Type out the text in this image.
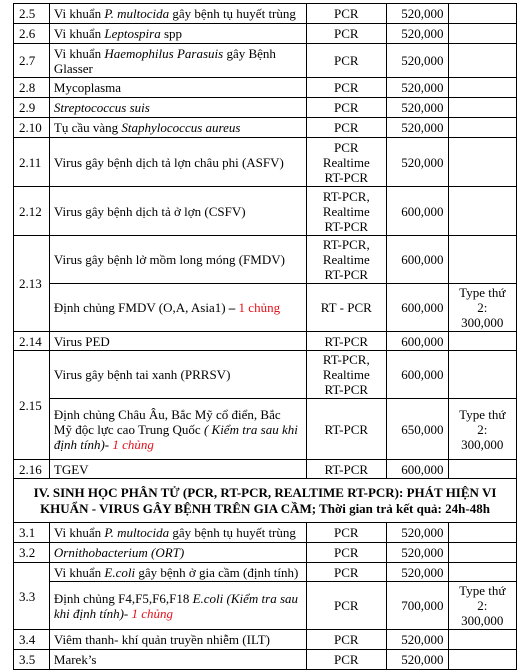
2.5	Vi khuẩn P. multocida gây bệnh tụ huyết trùng	PCR	520,000	
2.6	Vi khuẩn Leptospira spp	PCR	520,000	
2.7	Vi khuẩn Haemophilus Parasuis gây Bệnh Glasser	PCR	520,000	
2.8	Mycoplasma	PCR	520,000	
2.9	Streptococcus suis	PCR	520,000	
2.10	Tụ cầu vàng Staphylococcus aureus	PCR	520,000	
2.11	Virus gây bệnh dịch tả lợn châu phi (ASFV)	PCR
Realtime
RT-PCR	520,000	
2.12	Virus gây bệnh dịch tả ở lợn (CSFV)	RT-PCR,
Realtime
RT-PCR	600,000	
2.13	Virus gây bệnh lở mồm long móng (FMDV)	RT-PCR,
Realtime
RT-PCR	600,000	
	Định chủng FMDV (O,A, Asia1) – 1 chủng	RT - PCR	600,000	Type thứ 2:
300,000
2.14	Virus PED	RT-PCR	600,000	
2.15	Virus gây bệnh tai xanh (PRRSV)	RT-PCR,
Realtime
RT-PCR	600,000	
	Định chủng Châu Âu, Bắc Mỹ cổ điển, Bắc Mỹ độc lực cao Trung Quốc ( Kiểm tra sau khi định tính)- 1 chủng	RT-PCR	650,000	Type thứ 2:
300,000
2.16	TGEV	RT-PCR	600,000	
IV. SINH HỌC PHÂN TỬ (PCR, RT-PCR, REALTIME RT-PCR): PHÁT HIỆN VI KHUẨN - VIRUS GÂY BỆNH TRÊN GIA CẦM; Thời gian trả kết quả: 24h-48h				
3.1	Vi khuẩn P. multocida gây bệnh tụ huyết trùng	PCR	520,000	
3.2	Ornithobacterium (ORT)	PCR	520,000	
3.3	Vi khuẩn E.coli gây bệnh ở gia cầm (định tính)	PCR	520,000	
	Định chủng F4,F5,F6,F18 E.coli (Kiểm tra sau khi định tính)- 1 chủng	PCR	700,000	Type thứ 2:
300,000
3.4	Viêm thanh- khí quản truyền nhiễm (ILT)	PCR	520,000	
3.5	Marek’s	PCR	520,000	
